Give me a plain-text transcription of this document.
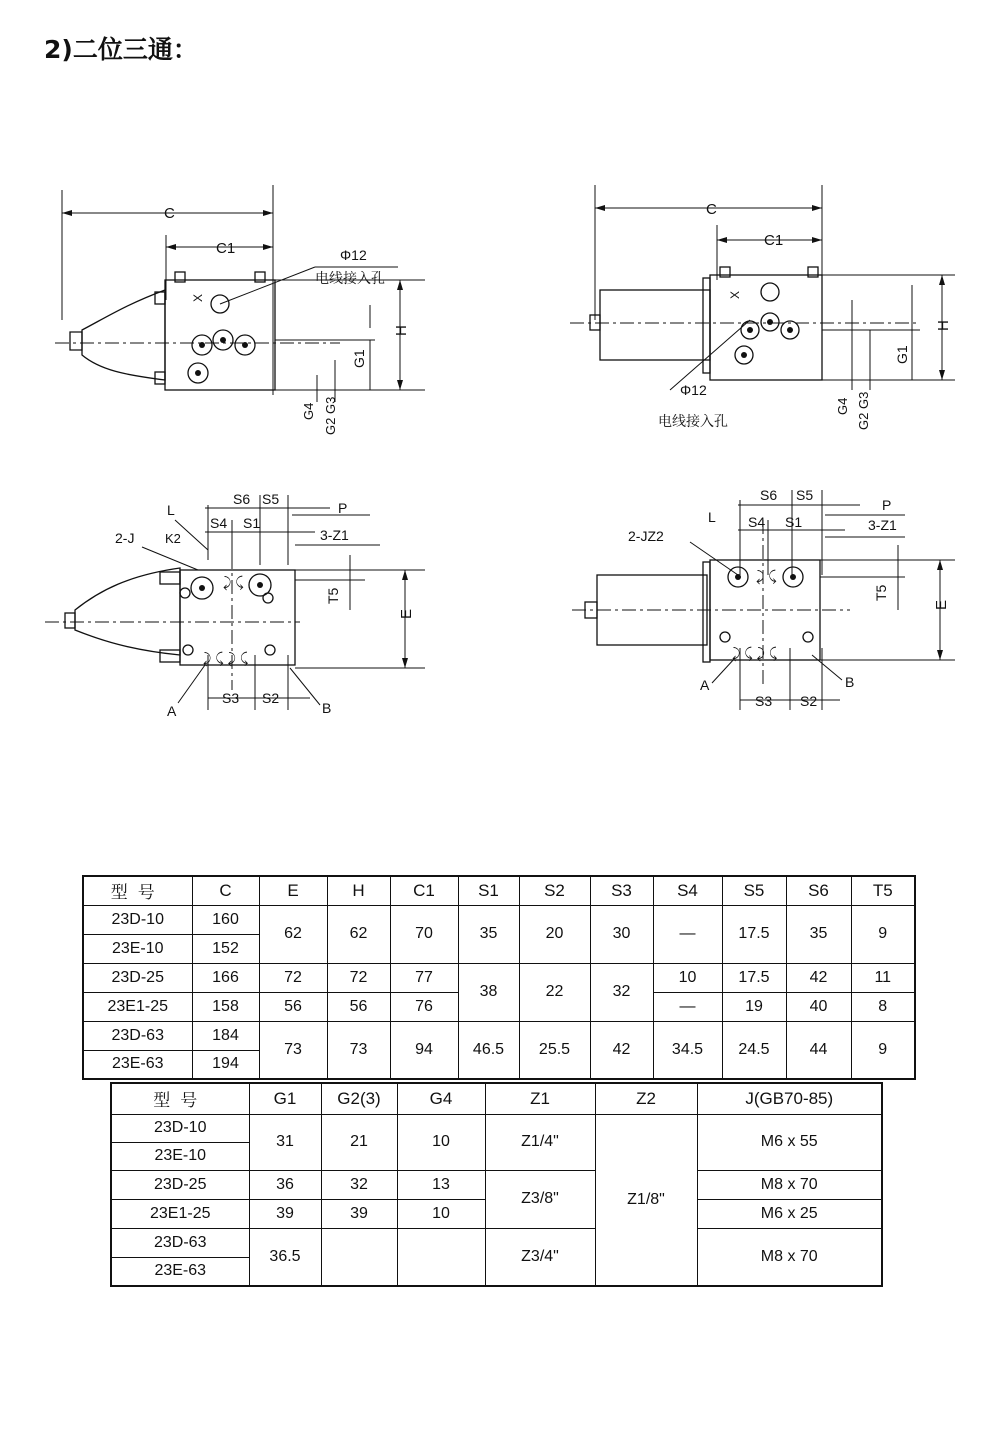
2)二位三通：
C
C1
X
H
G1
G4 G2 G3
Φ12
电线接入孔
C
C1
X
H
G1
G4 G2 G3
Φ12
电线接入孔
S6 S5
S4 S1
L
K2
2-J
P
3-Z1
⤸ ⤹
⤸ ⤹ ⤸ ⤹
E
T5
S3 S2
A	B
S6 S5
S4 S1
L
2-JZ2
P
3-Z1
⤸ ⤹
⤸ ⤹ ⤸ ⤹
E
T5
S3 S2
A	B
型号	C	E	H	C1	S1	S2	S3	S4	S5	S6	T5
23D-10	160	62	62	70	35	20	30	—	17.5	35	9
23E-10	152										
23D-25	166	72	72	77	38	22	32	10	17.5	42	11
23E1-25	158	56	56	76				—	19	40	8
23D-63	184	73	73	94	46.5	25.5	42	34.5	24.5	44	9
23E-63	194										
型号	G1	G2(3)	G4	Z1	Z2	J(GB70-85)
23D-10	31	21	10	Z1/4"	Z1/8"	M6 x 55
23E-10						
23D-25	36	32	13	Z3/8"		M8 x 70
23E1-25	39	39	10			M6 x 25
23D-63	36.5			Z3/4"		M8 x 70
23E-63						
